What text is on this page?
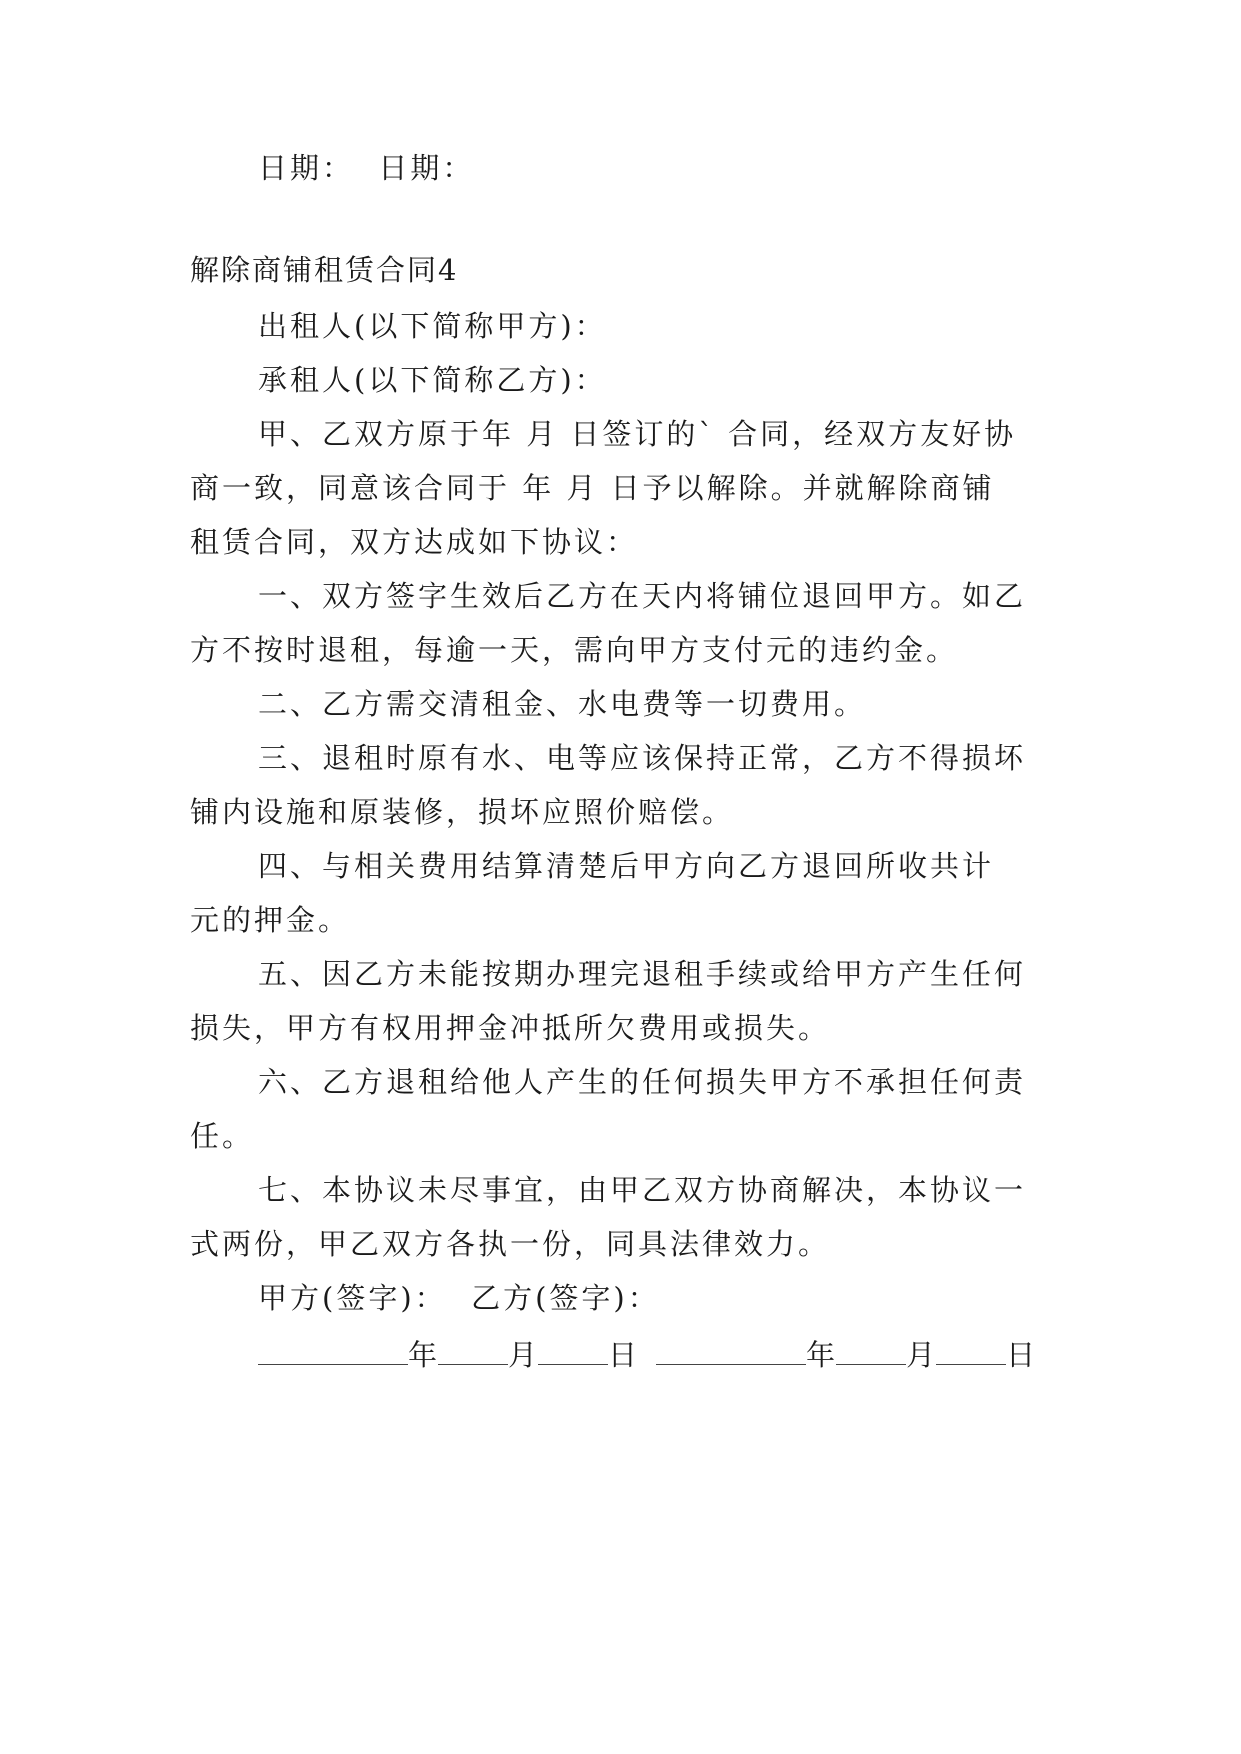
日期：  日期：
解除商铺租赁合同4
出租人(以下简称甲方)：
承租人(以下简称乙方)：
甲、乙双方原于年 月 日签订的` 合同，经双方友好协
商一致，同意该合同于 年 月 日予以解除。并就解除商铺
租赁合同，双方达成如下协议：
一、双方签字生效后乙方在天内将铺位退回甲方。如乙
方不按时退租，每逾一天，需向甲方支付元的违约金。
二、乙方需交清租金、水电费等一切费用。
三、退租时原有水、电等应该保持正常，乙方不得损坏
铺内设施和原装修，损坏应照价赔偿。
四、与相关费用结算清楚后甲方向乙方退回所收共计
元的押金。
五、因乙方未能按期办理完退租手续或给甲方产生任何
损失，甲方有权用押金冲抵所欠费用或损失。
六、乙方退租给他人产生的任何损失甲方不承担任何责
任。
七、本协议未尽事宜，由甲乙双方协商解决，本协议一
式两份，甲乙双方各执一份，同具法律效力。
甲方(签字)：  乙方(签字)：
年 月 日	年 月 日
